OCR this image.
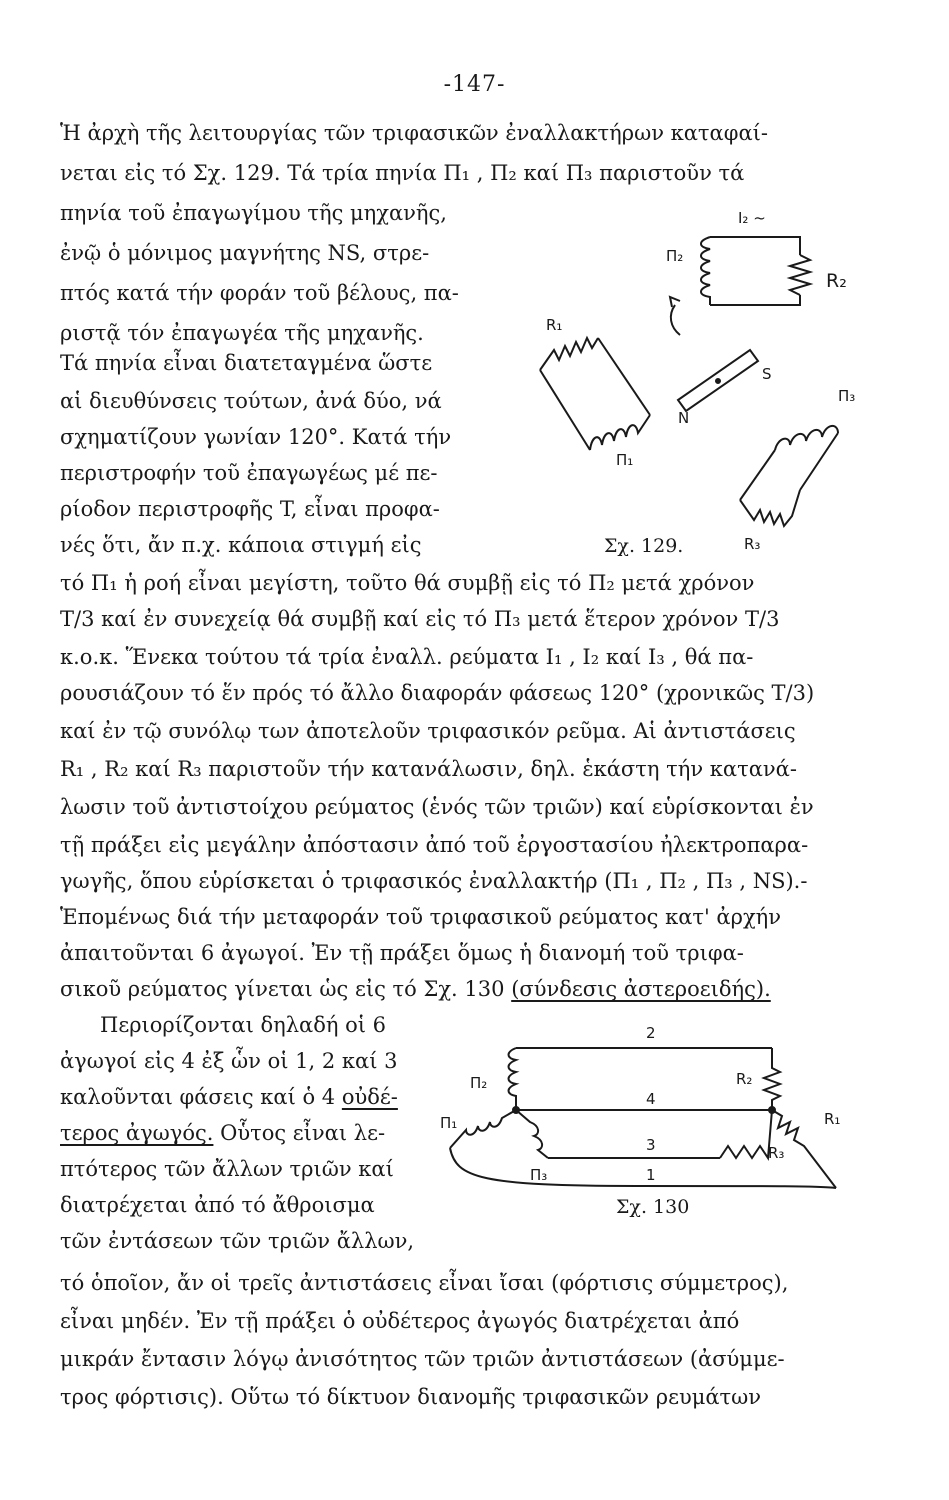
-147-
Ἡ ἀρχὴ τῆς λειτουργίας τῶν τριφασικῶν ἐναλλακτήρων καταφαί-
νεται εἰς τό Σχ. 129. Τά τρία πηνία Π₁ , Π₂ καί Π₃ παριστοῦν τά
πηνία τοῦ ἐπαγωγίμου τῆς μηχανῆς,
ἐνῷ ὁ μόνιμος μαγνήτης NS, στρε-
πτός κατά τήν φοράν τοῦ βέλους, πα-
ριστᾷ τόν ἐπαγωγέα τῆς μηχανῆς.
Τά πηνία εἶναι διατεταγμένα ὥστε
αἱ διευθύνσεις τούτων, ἀνά δύο, νά
σχηματίζουν γωνίαν 120°. Κατά τήν
περιστροφήν τοῦ ἐπαγωγέως μέ πε-
ρίοδον περιστροφῆς T, εἶναι προφα-
νές ὅτι, ἄν π.χ. κάποια στιγμή εἰς
τό Π₁ ἡ ροή εἶναι μεγίστη, τοῦτο θά συμβῇ εἰς τό Π₂ μετά χρόνον
T/3 καί ἐν συνεχείᾳ θά συμβῇ καί εἰς τό Π₃ μετά ἕτερον χρόνον T/3
κ.ο.κ. Ἕνεκα τούτου τά τρία ἐναλλ. ρεύματα I₁ , I₂ καί I₃ , θά πα-
ρουσιάζουν τό ἕν πρός τό ἄλλο διαφοράν φάσεως 120° (χρονικῶς T/3)
καί ἐν τῷ συνόλῳ των ἀποτελοῦν τριφασικόν ρεῦμα. Αἱ ἀντιστάσεις
R₁ , R₂ καί R₃ παριστοῦν τήν κατανάλωσιν, δηλ. ἑκάστη τήν κατανά-
λωσιν τοῦ ἀντιστοίχου ρεύματος (ἑνός τῶν τριῶν) καί εὑρίσκονται ἐν
τῇ πράξει εἰς μεγάλην ἀπόστασιν ἀπό τοῦ ἐργοστασίου ἠλεκτροπαρα-
γωγῆς, ὅπου εὑρίσκεται ὁ τριφασικός ἐναλλακτήρ (Π₁ , Π₂ , Π₃ , NS).-
Ἑπομένως διά τήν μεταφοράν τοῦ τριφασικοῦ ρεύματος κατ' ἀρχήν
ἀπαιτοῦνται 6 ἀγωγοί. Ἐν τῇ πράξει ὅμως ἡ διανομή τοῦ τριφα-
σικοῦ ρεύματος γίνεται ὡς εἰς τό Σχ. 130 (σύνδεσις ἀστεροειδής).
Περιορίζονται δηλαδή οἱ 6
ἀγωγοί εἰς 4 ἐξ ὧν οἱ 1, 2 καί 3
καλοῦνται φάσεις καί ὁ 4 οὐδέ-
τερος ἀγωγός. Οὗτος εἶναι λε-
πτότερος τῶν ἄλλων τριῶν καί
διατρέχεται ἀπό τό ἄθροισμα
τῶν ἐντάσεων τῶν τριῶν ἄλλων,
τό ὁποῖον, ἄν οἱ τρεῖς ἀντιστάσεις εἶναι ἴσαι (φόρτισις σύμμετρος),
εἶναι μηδέν. Ἐν τῇ πράξει ὁ οὐδέτερος ἀγωγός διατρέχεται ἀπό
μικράν ἔντασιν λόγῳ ἀνισότητος τῶν τριῶν ἀντιστάσεων (ἀσύμμε-
τρος φόρτισις). Οὕτω τό δίκτυον διανομῆς τριφασικῶν ρευμάτων
I₂ ~
Π₂
R₂
R₁
S
N
Π₃
Π₁
R₃
Σχ. 129.
2
4
3
1
Π₂
Π₁
Π₃
R₂
R₁
R₃
Σχ. 130
